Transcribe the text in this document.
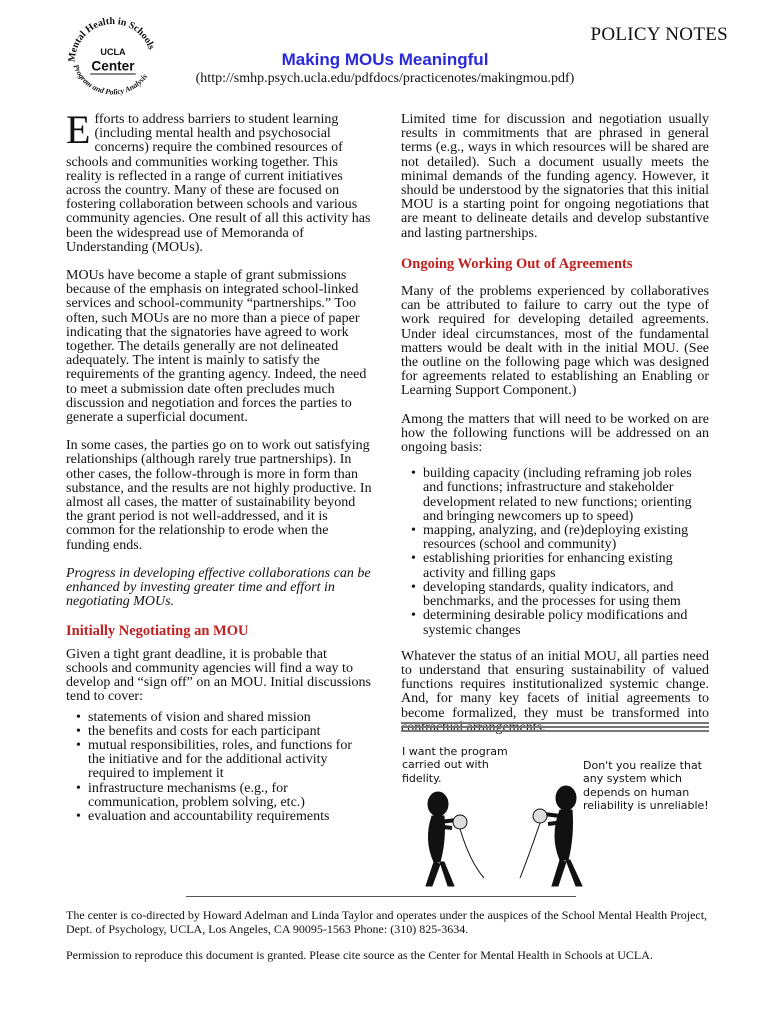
Mental Health in Schools
Program and Policy Analysis
UCLA
Center
POLICY NOTES
Making MOUs Meaningful
(http://smhp.psych.ucla.edu/pdfdocs/practicenotes/makingmou.pdf)

Efforts to address barriers to student learning (including mental health and psychosocial concerns) require the combined resources of schools and communities working together. This reality is reflected in a range of current initiatives across the country. Many of these are focused on fostering collaboration between schools and various community agencies. One result of all this activity has been the widespread use of Memoranda of Understanding (MOUs).

MOUs have become a staple of grant submissions because of the emphasis on integrated school-linked services and school-community “partnerships.” Too often, such MOUs are no more than a piece of paper indicating that the signatories have agreed to work together. The details generally are not delineated adequately. The intent is mainly to satisfy the requirements of the granting agency. Indeed, the need to meet a submission date often precludes much discussion and negotiation and forces the parties to generate a superficial document.

In some cases, the parties go on to work out satisfying relationships (although rarely true partnerships). In other cases, the follow-through is more in form than substance, and the results are not highly productive. In almost all cases, the matter of sustainability beyond the grant period is not well-addressed, and it is common for the relationship to erode when the funding ends.

Progress in developing effective collaborations can be enhanced by investing greater time and effort in negotiating MOUs.

Initially Negotiating an MOU

Given a tight grant deadline, it is probable that schools and community agencies will find a way to develop and “sign off” on an MOU. Initial discussions tend to cover:

• statements of vision and shared mission
• the benefits and costs for each participant
• mutual responsibilities, roles, and functions for the initiative and for the additional activity required to implement it
• infrastructure mechanisms (e.g., for communication, problem solving, etc.)
• evaluation and accountability requirements

Limited time for discussion and negotiation usually results in commitments that are phrased in general terms (e.g., ways in which resources will be shared are not detailed). Such a document usually meets the minimal demands of the funding agency. However, it should be understood by the signatories that this initial MOU is a starting point for ongoing negotiations that are meant to delineate details and develop substantive and lasting partnerships.

Ongoing Working Out of Agreements

Many of the problems experienced by collaboratives can be attributed to failure to carry out the type of work required for developing detailed agreements. Under ideal circumstances, most of the fundamental matters would be dealt with in the initial MOU. (See the outline on the following page which was designed for agreements related to establishing an Enabling or Learning Support Component.)

Among the matters that will need to be worked on are how the following functions will be addressed on an ongoing basis:

• building capacity (including reframing job roles and functions; infrastructure and stakeholder development related to new functions; orienting and bringing newcomers up to speed)
• mapping, analyzing, and (re)deploying existing resources (school and community)
• establishing priorities for enhancing existing activity and filling gaps
• developing standards, quality indicators, and benchmarks, and the processes for using them
• determining desirable policy modifications and systemic changes

Whatever the status of an initial MOU, all parties need to understand that ensuring sustainability of valued functions requires institutionalized systemic change. And, for many key facets of initial agreements to become formalized, they must be transformed into

I want the program carried out with fidelity.
Don't you realize that any system which depends on human reliability is unreliable!
The center is co-directed by Howard Adelman and Linda Taylor and operates under the auspices of the School Mental Health Project, Dept. of Psychology, UCLA, Los Angeles, CA 90095-1563 Phone: (310) 825-3634.
Permission to reproduce this document is granted. Please cite source as the Center for Mental Health in Schools at UCLA.
